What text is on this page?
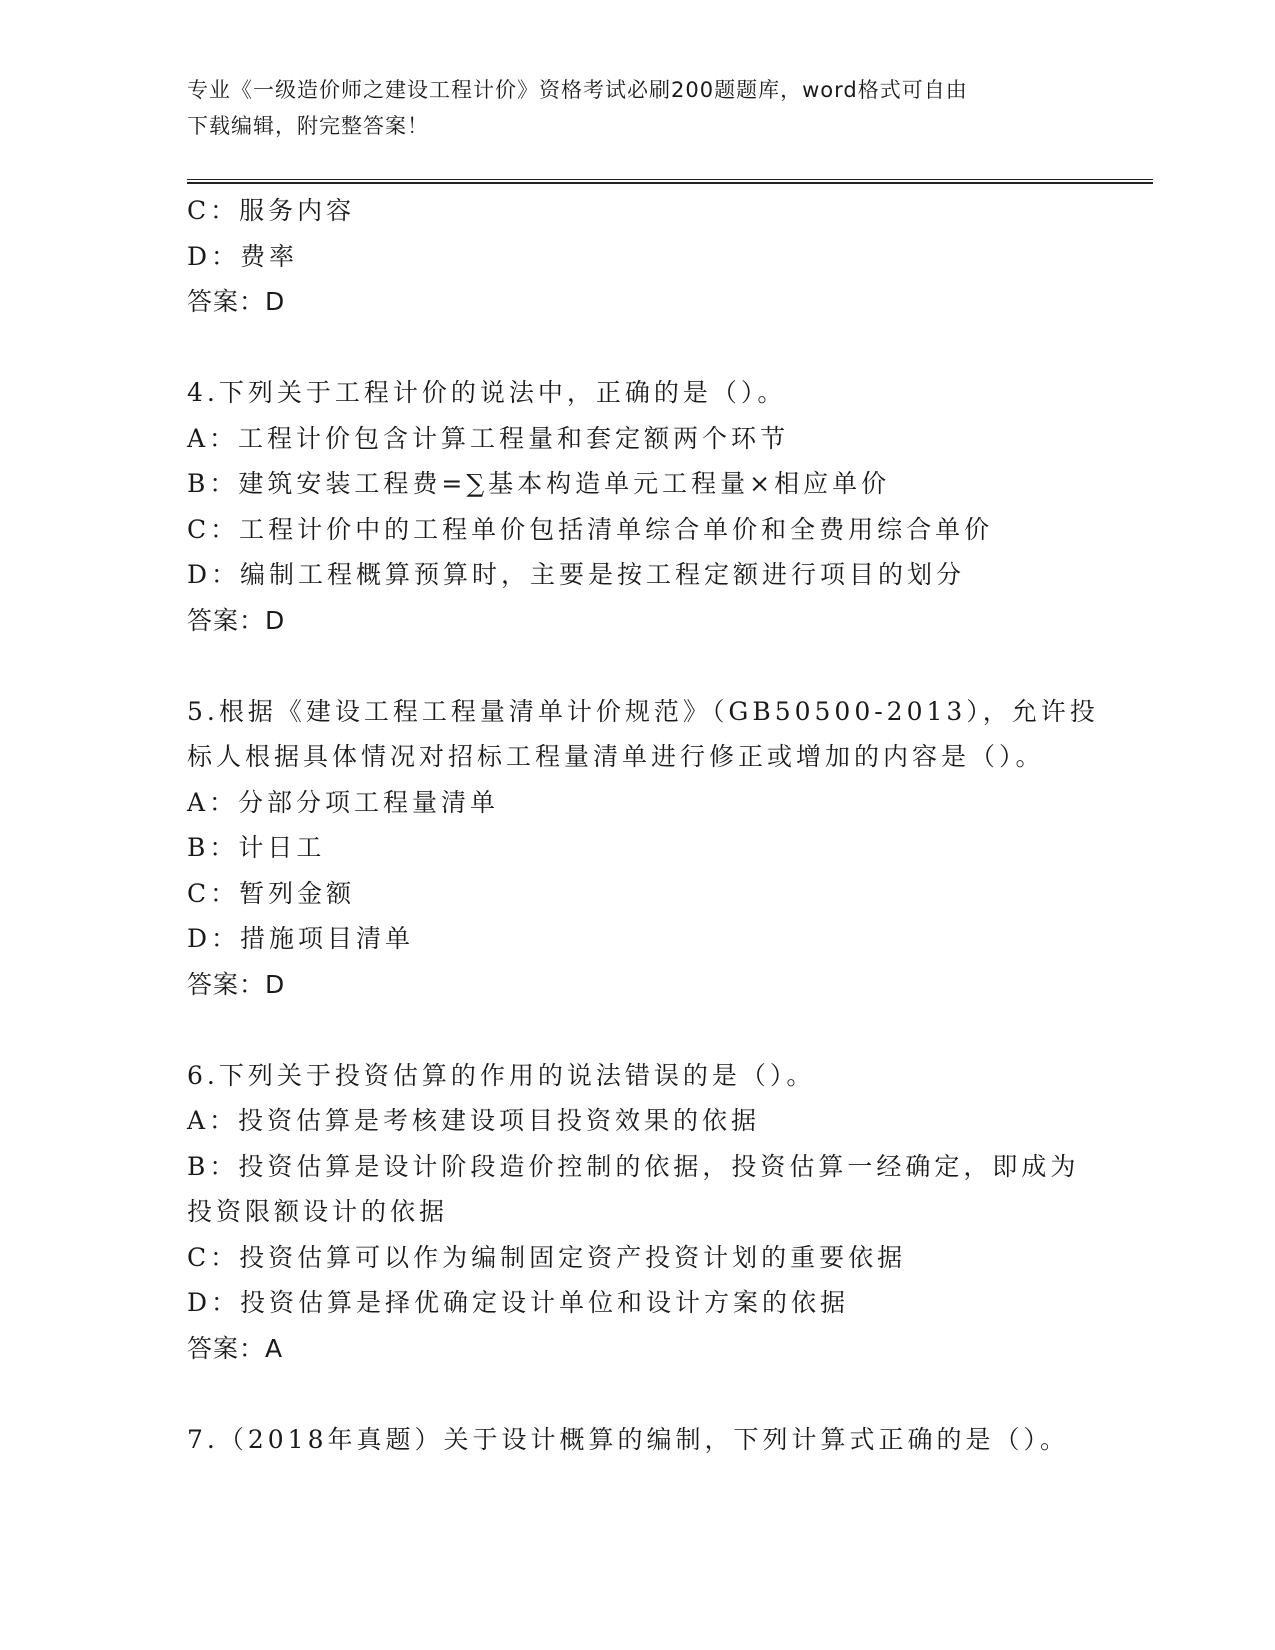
专业《一级造价师之建设工程计价》资格考试必刷200题题库，word格式可自由
下载编辑，附完整答案！
C：服务内容
D：费率
答案：D
4.下列关于工程计价的说法中，正确的是（）。
A：工程计价包含计算工程量和套定额两个环节
B：建筑安装工程费=∑基本构造单元工程量×相应单价
C：工程计价中的工程单价包括清单综合单价和全费用综合单价
D：编制工程概算预算时，主要是按工程定额进行项目的划分
答案：D
5.根据《建设工程工程量清单计价规范》（GB50500-2013），允许投
标人根据具体情况对招标工程量清单进行修正或增加的内容是（）。
A：分部分项工程量清单
B：计日工
C：暂列金额
D：措施项目清单
答案：D
6.下列关于投资估算的作用的说法错误的是（）。
A：投资估算是考核建设项目投资效果的依据
B：投资估算是设计阶段造价控制的依据，投资估算一经确定，即成为
投资限额设计的依据
C：投资估算可以作为编制固定资产投资计划的重要依据
D：投资估算是择优确定设计单位和设计方案的依据
答案：A
7.（2018年真题）关于设计概算的编制，下列计算式正确的是（）。
